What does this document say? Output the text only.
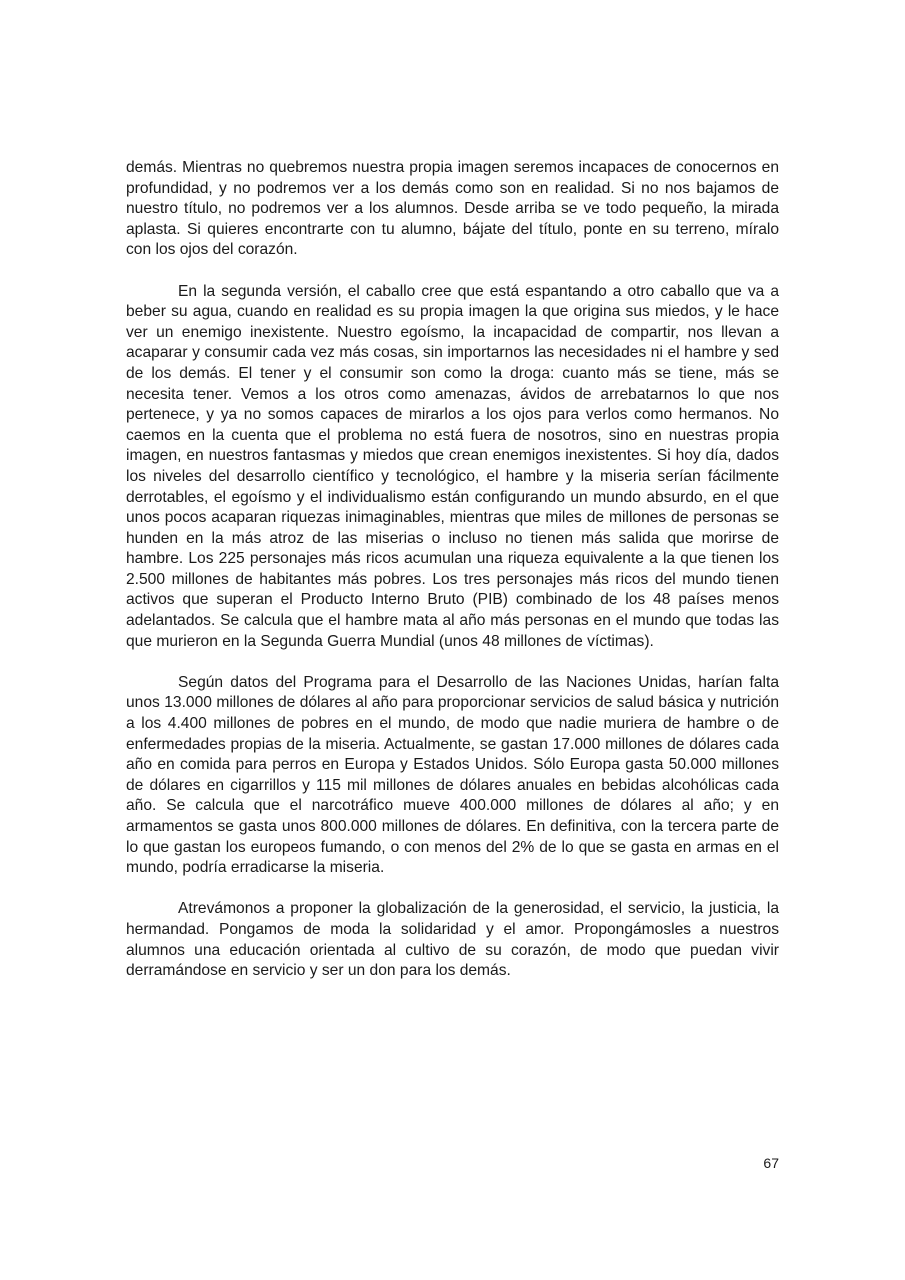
demás. Mientras no quebremos nuestra propia imagen seremos incapaces de conocernos en profundidad, y no podremos ver a los demás como son en realidad. Si no nos bajamos de nuestro título, no podremos ver a los alumnos. Desde arriba se ve todo pequeño, la mirada aplasta. Si quieres encontrarte con tu alumno, bájate del título, ponte en su terreno, míralo con los ojos del corazón.

En la segunda versión, el caballo cree que está espantando a otro caballo que va a beber su agua, cuando en realidad es su propia imagen la que origina sus miedos, y le hace ver un enemigo inexistente. Nuestro egoísmo, la incapacidad de compartir, nos llevan a acaparar y consumir cada vez más cosas, sin importarnos las necesidades ni el hambre y sed de los demás. El tener y el consumir son como la droga: cuanto más se tiene, más se necesita tener. Vemos a los otros como amenazas, ávidos de arrebatarnos lo que nos pertenece, y ya no somos capaces de mirarlos a los ojos para verlos como hermanos. No caemos en la cuenta que el problema no está fuera de nosotros, sino en nuestras propia imagen, en nuestros fantasmas y miedos que crean enemigos inexistentes. Si hoy día, dados los niveles del desarrollo científico y tecnológico, el hambre y la miseria serían fácilmente derrotables, el egoísmo y el individualismo están configurando un mundo absurdo, en el que unos pocos acaparan riquezas inimaginables, mientras que miles de millones de personas se hunden en la más atroz de las miserias o incluso no tienen más salida que morirse de hambre. Los 225 personajes más ricos acumulan una riqueza equivalente a la que tienen los 2.500 millones de habitantes más pobres. Los tres personajes más ricos del mundo tienen activos que superan el Producto Interno Bruto (PIB) combinado de los 48 países menos adelantados. Se calcula que el hambre mata al año más personas en el mundo que todas las que murieron en la Segunda Guerra Mundial (unos 48 millones de víctimas).

Según datos del Programa para el Desarrollo de las Naciones Unidas, harían falta unos 13.000 millones de dólares al año para proporcionar servicios de salud básica y nutrición a los 4.400 millones de pobres en el mundo, de modo que nadie muriera de hambre o de enfermedades propias de la miseria. Actualmente, se gastan 17.000 millones de dólares cada año en comida para perros en Europa y Estados Unidos. Sólo Europa gasta 50.000 millones de dólares en cigarrillos y 115 mil millones de dólares anuales en bebidas alcohólicas cada año. Se calcula que el narcotráfico mueve 400.000 millones de dólares al año; y en armamentos se gasta unos 800.000 millones de dólares. En definitiva, con la tercera parte de lo que gastan los europeos fumando, o con menos del 2% de lo que se gasta en armas en el mundo, podría erradicarse la miseria.

Atrevámonos a proponer la globalización de la generosidad, el servicio, la justicia, la hermandad. Pongamos de moda la solidaridad y el amor. Propongámosles a nuestros alumnos una educación orientada al cultivo de su corazón, de modo que puedan vivir derramándose en servicio y ser un don para los demás.

67
